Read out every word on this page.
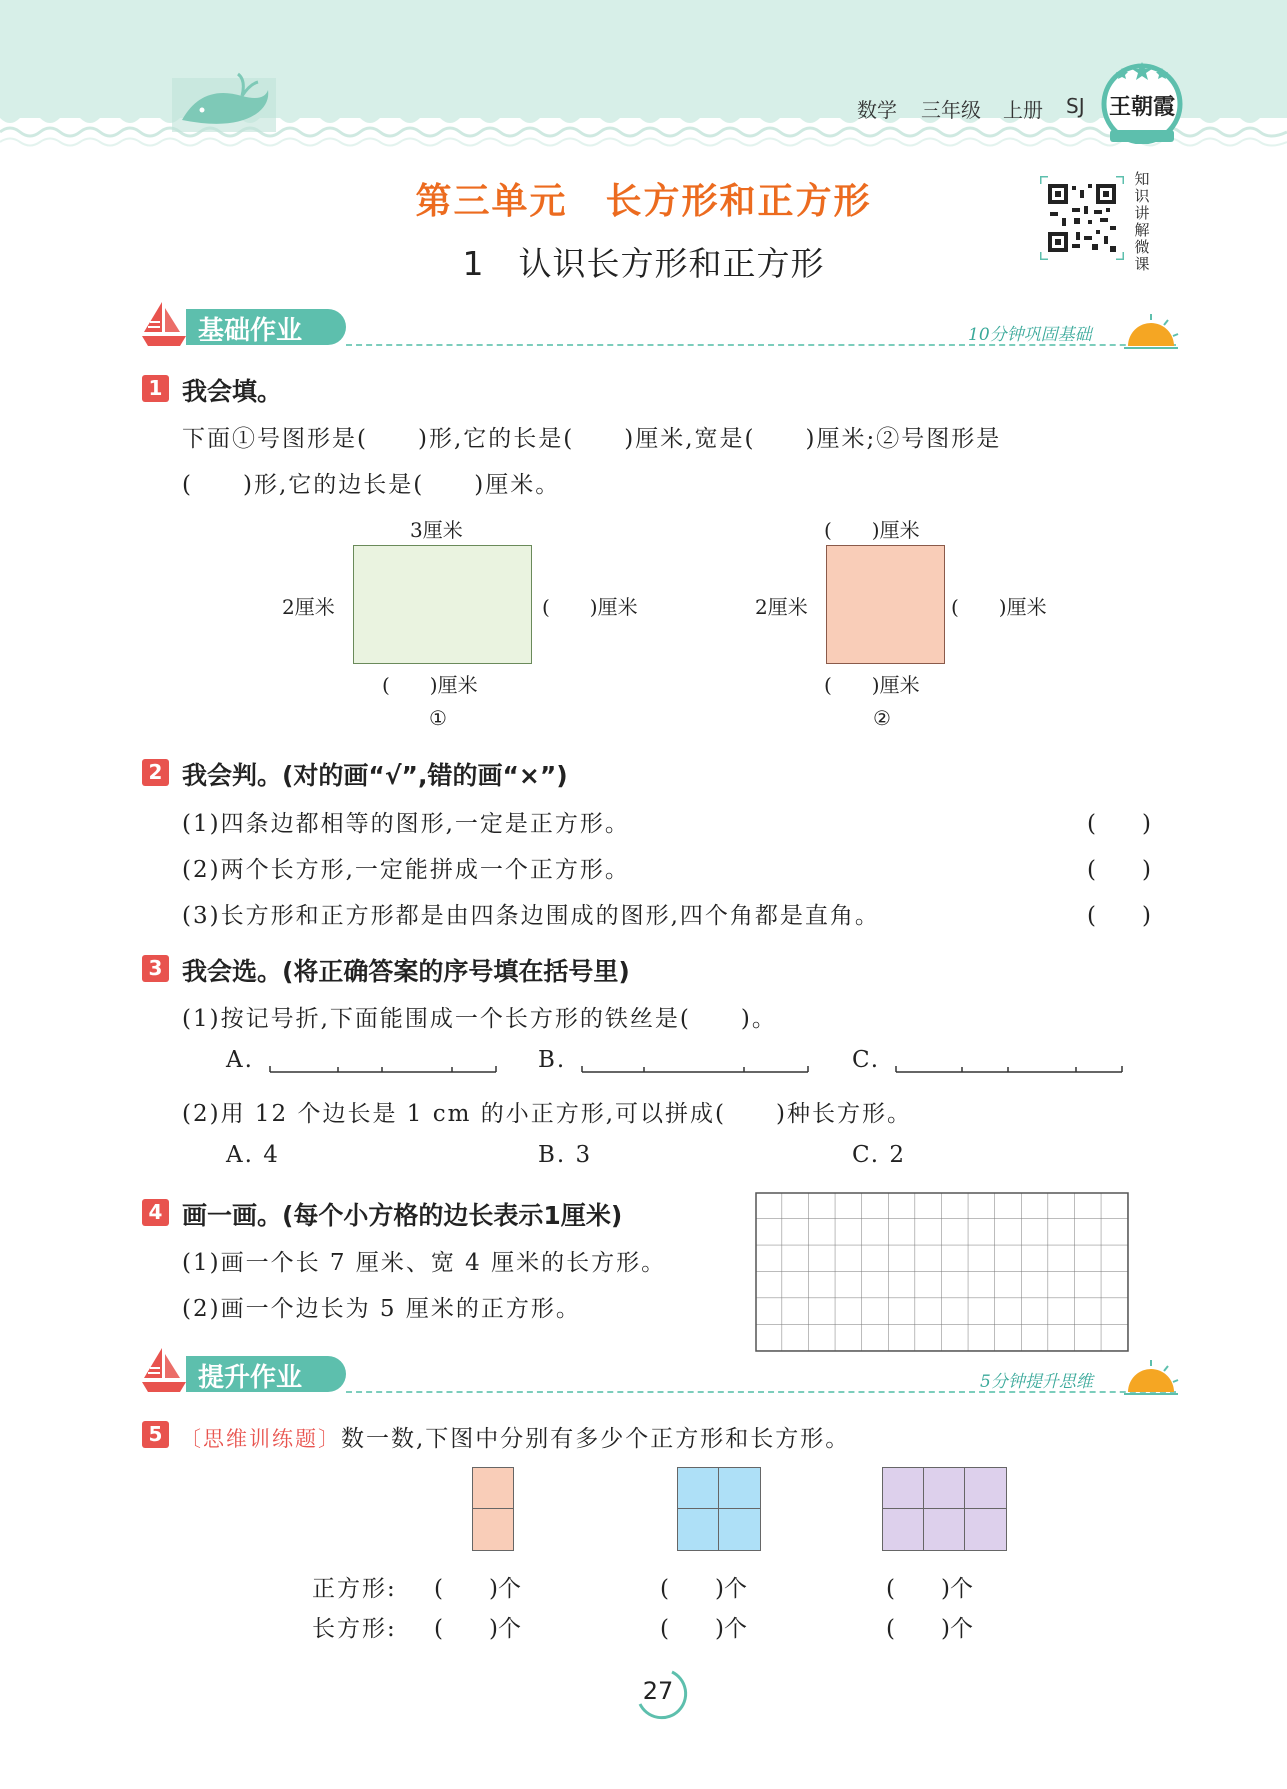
数学 三年级 上册 SJ	王朝霞
第三单元　长方形和正方形
1　认识长方形和正方形
知识讲解微课
基础作业	10分钟巩固基础
1 我会填。
下面①号图形是(　　)形,它的长是(　　)厘米,宽是(　　)厘米;②号图形是
(　　)形,它的边长是(　　)厘米。
3厘米
2厘米	(　　)厘米
(　　)厘米
①
(　　)厘米
2厘米	(　　)厘米
(　　)厘米
②
2 我会判。(对的画“√”,错的画“×”)
(1)四条边都相等的图形,一定是正方形。	(　　)
(2)两个长方形,一定能拼成一个正方形。	(　　)
(3)长方形和正方形都是由四条边围成的图形,四个角都是直角。	(　　)
3 我会选。(将正确答案的序号填在括号里)
(1)按记号折,下面能围成一个长方形的铁丝是(　　)。
A.	B.	C.
(2)用 12 个边长是 1 cm 的小正方形,可以拼成(　　)种长方形。
A. 4	B. 3	C. 2
4 画一画。(每个小方格的边长表示1厘米)
(1)画一个长 7 厘米、宽 4 厘米的长方形。
(2)画一个边长为 5 厘米的正方形。
提升作业	5分钟提升思维
5 〔思维训练题〕数一数,下图中分别有多少个正方形和长方形。
正方形: (　　)个	(　　)个	(　　)个
长方形: (　　)个	(　　)个	(　　)个
27
